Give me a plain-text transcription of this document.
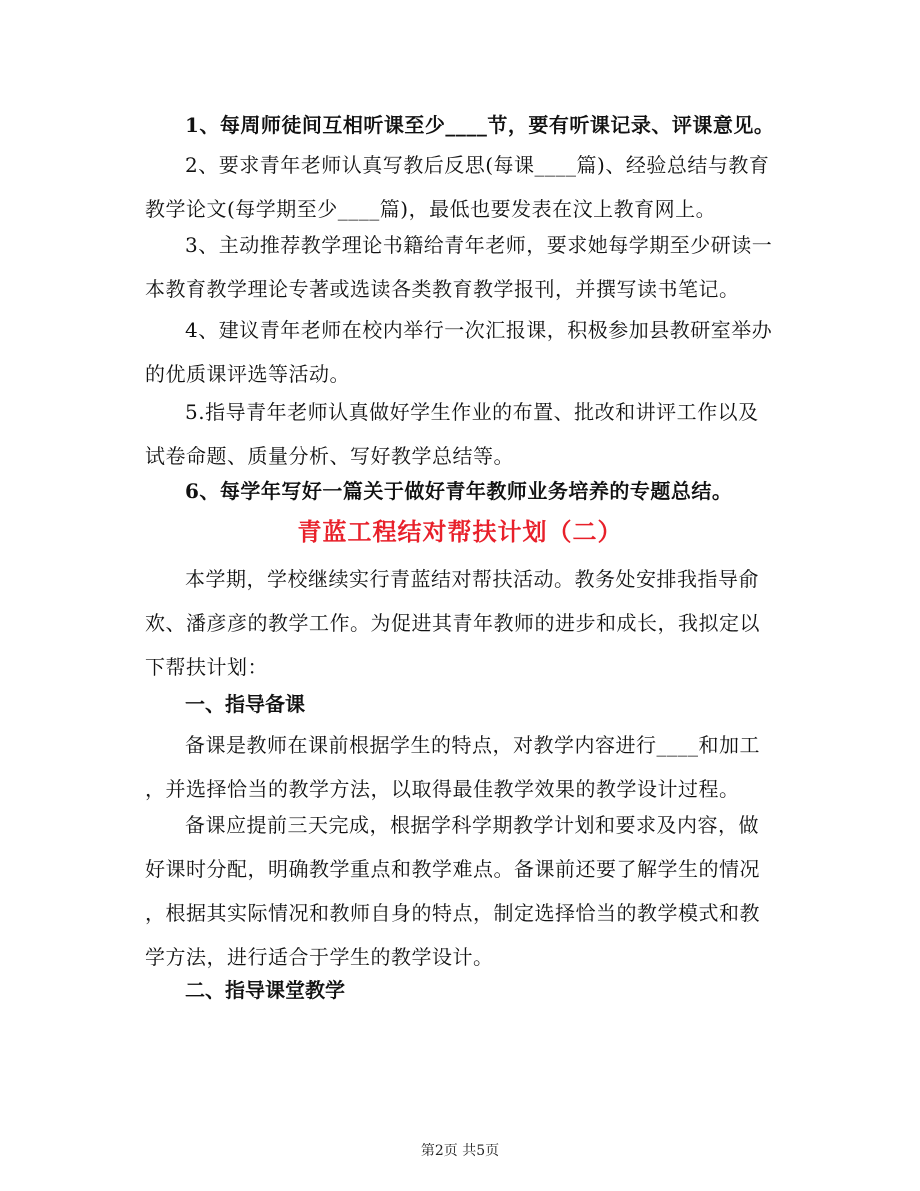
1、每周师徒间互相听课至少____节，要有听课记录、评课意见。

2、要求青年老师认真写教后反思(每课____篇)、经验总结与教育
教学论文(每学期至少____篇)，最低也要发表在汶上教育网上。

3、主动推荐教学理论书籍给青年老师，要求她每学期至少研读一
本教育教学理论专著或选读各类教育教学报刊，并撰写读书笔记。

4、建议青年老师在校内举行一次汇报课，积极参加县教研室举办
的优质课评选等活动。

5.指导青年老师认真做好学生作业的布置、批改和讲评工作以及
试卷命题、质量分析、写好教学总结等。

6、每学年写好一篇关于做好青年教师业务培养的专题总结。

青蓝工程结对帮扶计划（二）

本学期，学校继续实行青蓝结对帮扶活动。教务处安排我指导俞
欢、潘彦彦的教学工作。为促进其青年教师的进步和成长，我拟定以
下帮扶计划：

一、指导备课

备课是教师在课前根据学生的特点，对教学内容进行____和加工
，并选择恰当的教学方法，以取得最佳教学效果的教学设计过程。

备课应提前三天完成，根据学科学期教学计划和要求及内容，做
好课时分配，明确教学重点和教学难点。备课前还要了解学生的情况
，根据其实际情况和教师自身的特点，制定选择恰当的教学模式和教
学方法，进行适合于学生的教学设计。

二、指导课堂教学
第2页 共5页
